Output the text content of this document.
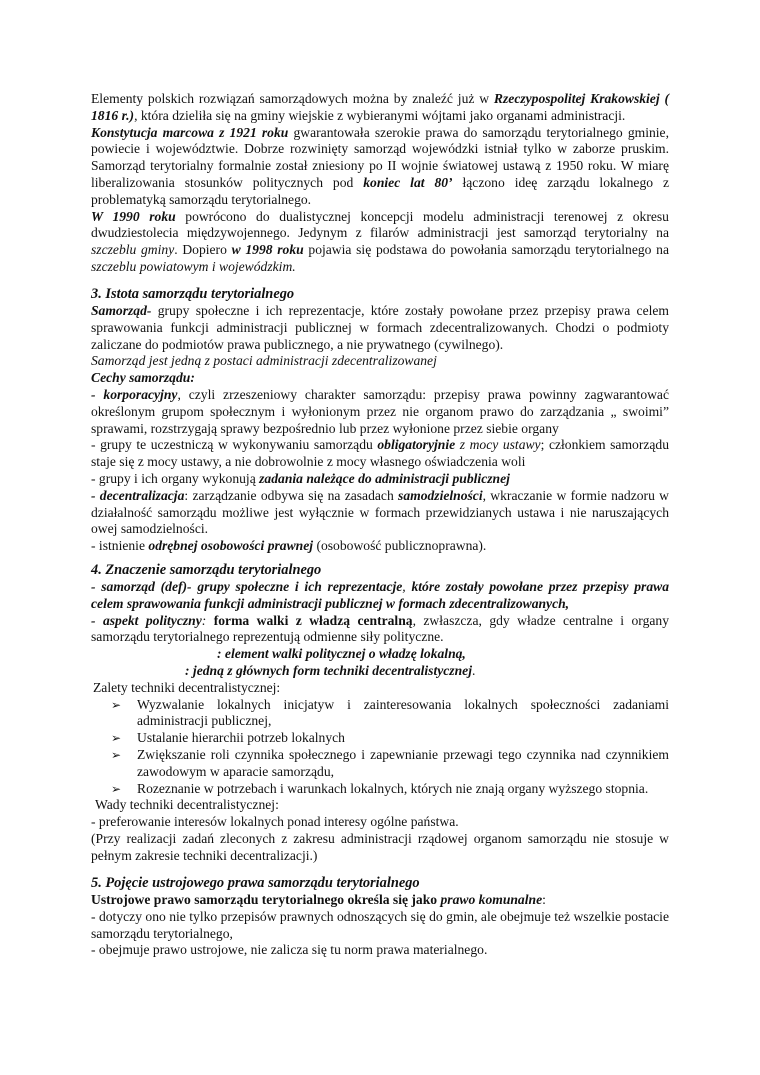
Elementy polskich rozwiązań samorządowych można by znaleźć już w Rzeczypospolitej Krakowskiej ( 1816 r.), która dzieliła się na gminy wiejskie z wybieranymi wójtami jako organami administracji.

Konstytucja marcowa z 1921 roku gwarantowała szerokie prawa do samorządu terytorialnego gminie, powiecie i województwie. Dobrze rozwinięty samorząd wojewódzki istniał tylko w zaborze pruskim. Samorząd terytorialny formalnie został zniesiony po II wojnie światowej ustawą z 1950 roku. W miarę liberalizowania stosunków politycznych pod koniec lat 80’ łączono ideę zarządu lokalnego z problematyką samorządu terytorialnego.

W 1990 roku powrócono do dualistycznej koncepcji modelu administracji terenowej z okresu dwudziestolecia międzywojennego. Jedynym z filarów administracji jest samorząd terytorialny na szczeblu gminy. Dopiero w 1998 roku pojawia się podstawa do powołania samorządu terytorialnego na szczeblu powiatowym i wojewódzkim.

3. Istota samorządu terytorialnego

Samorząd- grupy społeczne i ich reprezentacje, które zostały powołane przez przepisy prawa celem sprawowania funkcji administracji publicznej w formach zdecentralizowanych. Chodzi o podmioty zaliczane do podmiotów prawa publicznego, a nie prywatnego (cywilnego).

Samorząd jest jedną z postaci administracji zdecentralizowanej

Cechy samorządu:

- korporacyjny, czyli zrzeszeniowy charakter samorządu: przepisy prawa powinny zagwarantować określonym grupom społecznym i wyłonionym przez nie organom prawo do zarządzania „ swoimi” sprawami, rozstrzygają sprawy bezpośrednio lub przez wyłonione przez siebie organy

- grupy te uczestniczą w wykonywaniu samorządu obligatoryjnie z mocy ustawy; członkiem samorządu staje się z mocy ustawy, a nie dobrowolnie z mocy własnego oświadczenia woli

- grupy i ich organy wykonują zadania należące do administracji publicznej

- decentralizacja: zarządzanie odbywa się na zasadach samodzielności, wkraczanie w formie nadzoru w działalność samorządu możliwe jest wyłącznie w formach przewidzianych ustawa i nie naruszających owej samodzielności.

- istnienie odrębnej osobowości prawnej (osobowość publicznoprawna).

4. Znaczenie samorządu terytorialnego

- samorząd (def)- grupy społeczne i ich reprezentacje, które zostały powołane przez przepisy prawa celem sprawowania funkcji administracji publicznej w formach zdecentralizowanych,

- aspekt polityczny: forma walki z władzą centralną, zwłaszcza, gdy władze centralne i organy samorządu terytorialnego reprezentują odmienne siły polityczne.

: element walki politycznej o władzę lokalną,

: jedną z głównych form techniki decentralistycznej.

Zalety techniki decentralistycznej:

➢ Wyzwalanie lokalnych inicjatyw i zainteresowania lokalnych społeczności zadaniami administracji publicznej,
➢ Ustalanie hierarchii potrzeb lokalnych
➢ Zwiększanie roli czynnika społecznego i zapewnianie przewagi tego czynnika nad czynnikiem zawodowym w aparacie samorządu,
➢ Rozeznanie w potrzebach i warunkach lokalnych, których nie znają organy wyższego stopnia.

Wady techniki decentralistycznej:

- preferowanie interesów lokalnych ponad interesy ogólne państwa.

(Przy realizacji zadań zleconych z zakresu administracji rządowej organom samorządu nie stosuje w pełnym zakresie techniki decentralizacji.)

5. Pojęcie ustrojowego prawa samorządu terytorialnego

Ustrojowe prawo samorządu terytorialnego określa się jako prawo komunalne:

- dotyczy ono nie tylko przepisów prawnych odnoszących się do gmin, ale obejmuje też wszelkie postacie samorządu terytorialnego,

- obejmuje prawo ustrojowe, nie zalicza się tu norm prawa materialnego.
